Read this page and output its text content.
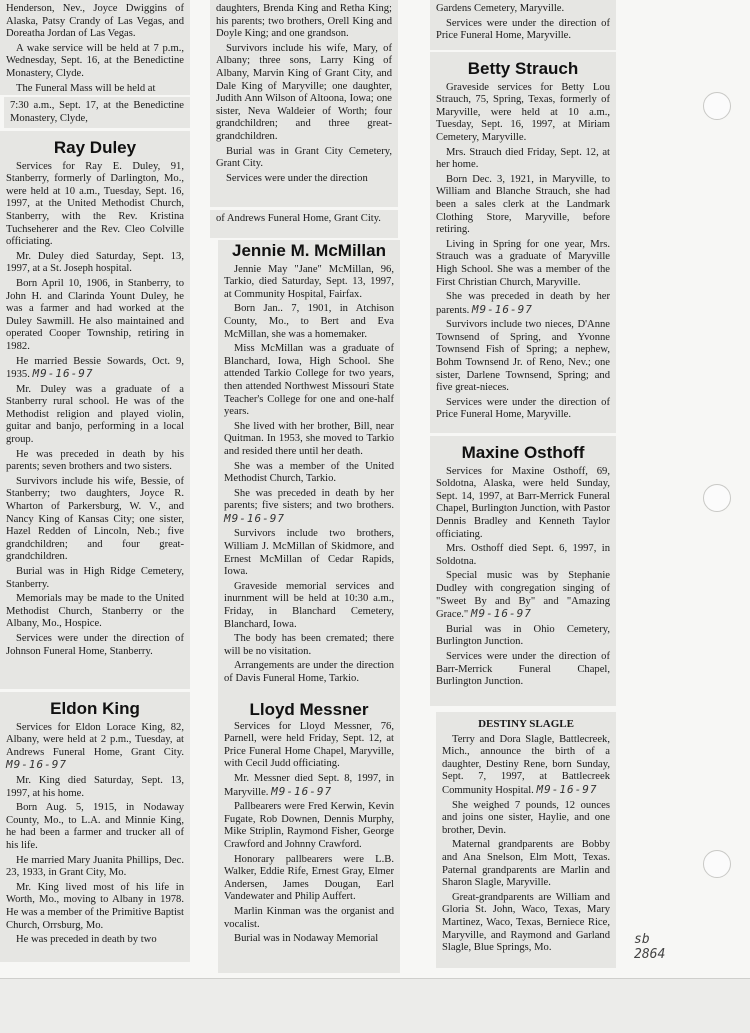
Henderson, Nev., Joyce Dwiggins of Alaska, Patsy Crandy of Las Vegas, and Doreatha Jordan of Las Vegas.

A wake service will be held at 7 p.m., Wednesday, Sept. 16, at the Benedictine Monastery, Clyde.

The Funeral Mass will be held at

7:30 a.m., Sept. 17, at the Benedictine Monastery, Clyde,

Ray Duley

Services for Ray E. Duley, 91, Stanberry, formerly of Darlington, Mo., were held at 10 a.m., Tuesday, Sept. 16, 1997, at the United Methodist Church, Stanberry, with the Rev. Kristina Tuchseherer and the Rev. Cleo Colville officiating.

Mr. Duley died Saturday, Sept. 13, 1997, at a St. Joseph hospital.

Born April 10, 1906, in Stanberry, to John H. and Clarinda Yount Duley, he was a farmer and had worked at the Duley Sawmill. He also maintained and operated Cooper Township, retiring in 1982.

He married Bessie Sowards, Oct. 9, 1935. M9-16-97

Mr. Duley was a graduate of a Stanberry rural school. He was of the Methodist religion and played violin, guitar and banjo, performing in a local group.

He was preceded in death by his parents; seven brothers and two sisters.

Survivors include his wife, Bessie, of Stanberry; two daughters, Joyce R. Wharton of Parkersburg, W. V., and Nancy King of Kansas City; one sister, Hazel Redden of Lincoln, Neb.; five grandchildren; and four great-grandchildren.

Burial was in High Ridge Cemetery, Stanberry.

Memorials may be made to the United Methodist Church, Stanberry or the Albany, Mo., Hospice.

Services were under the direction of Johnson Funeral Home, Stanberry.

Eldon King

Services for Eldon Lorace King, 82, Albany, were held at 2 p.m., Tuesday, at Andrews Funeral Home, Grant City. M9-16-97

Mr. King died Saturday, Sept. 13, 1997, at his home.

Born Aug. 5, 1915, in Nodaway County, Mo., to L.A. and Minnie King, he had been a farmer and trucker all of his life.

He married Mary Juanita Phillips, Dec. 23, 1933, in Grant City, Mo.

Mr. King lived most of his life in Worth, Mo., moving to Albany in 1978. He was a member of the Primitive Baptist Church, Orrsburg, Mo.

He was preceded in death by two

daughters, Brenda King and Retha King; his parents; two brothers, Orell King and Doyle King; and one grandson.

Survivors include his wife, Mary, of Albany; three sons, Larry King of Albany, Marvin King of Grant City, and Dale King of Maryville; one daughter, Judith Ann Wilson of Altoona, Iowa; one sister, Neva Waldeier of Worth; four grandchildren; and three great-grandchildren.

Burial was in Grant City Cemetery, Grant City.

Services were under the direction

of Andrews Funeral Home, Grant City.

Jennie M. McMillan

Jennie May "Jane" McMillan, 96, Tarkio, died Saturday, Sept. 13, 1997, at Community Hospital, Fairfax.

Born Jan.. 7, 1901, in Atchison County, Mo., to Bert and Eva McMillan, she was a homemaker.

Miss McMillan was a graduate of Blanchard, Iowa, High School. She attended Tarkio College for two years, then attended Northwest Missouri State Teacher's College for one and one-half years.

She lived with her brother, Bill, near Quitman. In 1953, she moved to Tarkio and resided there until her death.

She was a member of the United Methodist Church, Tarkio.

She was preceded in death by her parents; five sisters; and two brothers. M9-16-97

Survivors include two brothers, William J. McMillan of Skidmore, and Ernest McMillan of Cedar Rapids, Iowa.

Graveside memorial services and inurnment will be held at 10:30 a.m., Friday, in Blanchard Cemetery, Blanchard, Iowa.

The body has been cremated; there will be no visitation.

Arrangements are under the direction of Davis Funeral Home, Tarkio.

Lloyd Messner

Services for Lloyd Messner, 76, Parnell, were held Friday, Sept. 12, at Price Funeral Home Chapel, Maryville, with Cecil Judd officiating.

Mr. Messner died Sept. 8, 1997, in Maryville. M9-16-97

Pallbearers were Fred Kerwin, Kevin Fugate, Rob Downen, Dennis Murphy, Mike Striplin, Raymond Fisher, George Crawford and Johnny Crawford.

Honorary pallbearers were L.B. Walker, Eddie Rife, Ernest Gray, Elmer Andersen, James Dougan, Earl Vandewater and Philip Auffert.

Marlin Kinman was the organist and vocalist.

Burial was in Nodaway Memorial

Gardens Cemetery, Maryville.

Services were under the direction of Price Funeral Home, Maryville.

Betty Strauch

Graveside services for Betty Lou Strauch, 75, Spring, Texas, formerly of Maryville, were held at 10 a.m., Tuesday, Sept. 16, 1997, at Miriam Cemetery, Maryville.

Mrs. Strauch died Friday, Sept. 12, at her home.

Born Dec. 3, 1921, in Maryville, to William and Blanche Strauch, she had been a sales clerk at the Landmark Clothing Store, Maryville, before retiring.

Living in Spring for one year, Mrs. Strauch was a graduate of Maryville High School. She was a member of the First Christian Church, Maryville.

She was preceded in death by her parents. M9-16-97

Survivors include two nieces, D'Anne Townsend of Spring, and Yvonne Townsend Fish of Spring; a nephew, Bohm Townsend Jr. of Reno, Nev.; one sister, Darlene Townsend, Spring; and five great-nieces.

Services were under the direction of Price Funeral Home, Maryville.

Maxine Osthoff

Services for Maxine Osthoff, 69, Soldotna, Alaska, were held Sunday, Sept. 14, 1997, at Barr-Merrick Funeral Chapel, Burlington Junction, with Pastor Dennis Bradley and Kenneth Taylor officiating.

Mrs. Osthoff died Sept. 6, 1997, in Soldotna.

Special music was by Stephanie Dudley with congregation singing of "Sweet By and By" and "Amazing Grace." M9-16-97

Burial was in Ohio Cemetery, Burlington Junction.

Services were under the direction of Barr-Merrick Funeral Chapel, Burlington Junction.

DESTINY SLAGLE

Terry and Dora Slagle, Battlecreek, Mich., announce the birth of a daughter, Destiny Rene, born Sunday, Sept. 7, 1997, at Battlecreek Community Hospital. M9-16-97

She weighed 7 pounds, 12 ounces and joins one sister, Haylie, and one brother, Devin.

Maternal grandparents are Bobby and Ana Snelson, Elm Mott, Texas. Paternal grandparents are Marlin and Sharon Slagle, Maryville.

Great-grandparents are William and Gloria St. John, Waco, Texas, Mary Martinez, Waco, Texas, Berniece Rice, Maryville, and Raymond and Garland Slagle, Blue Springs, Mo.

sb
2864
